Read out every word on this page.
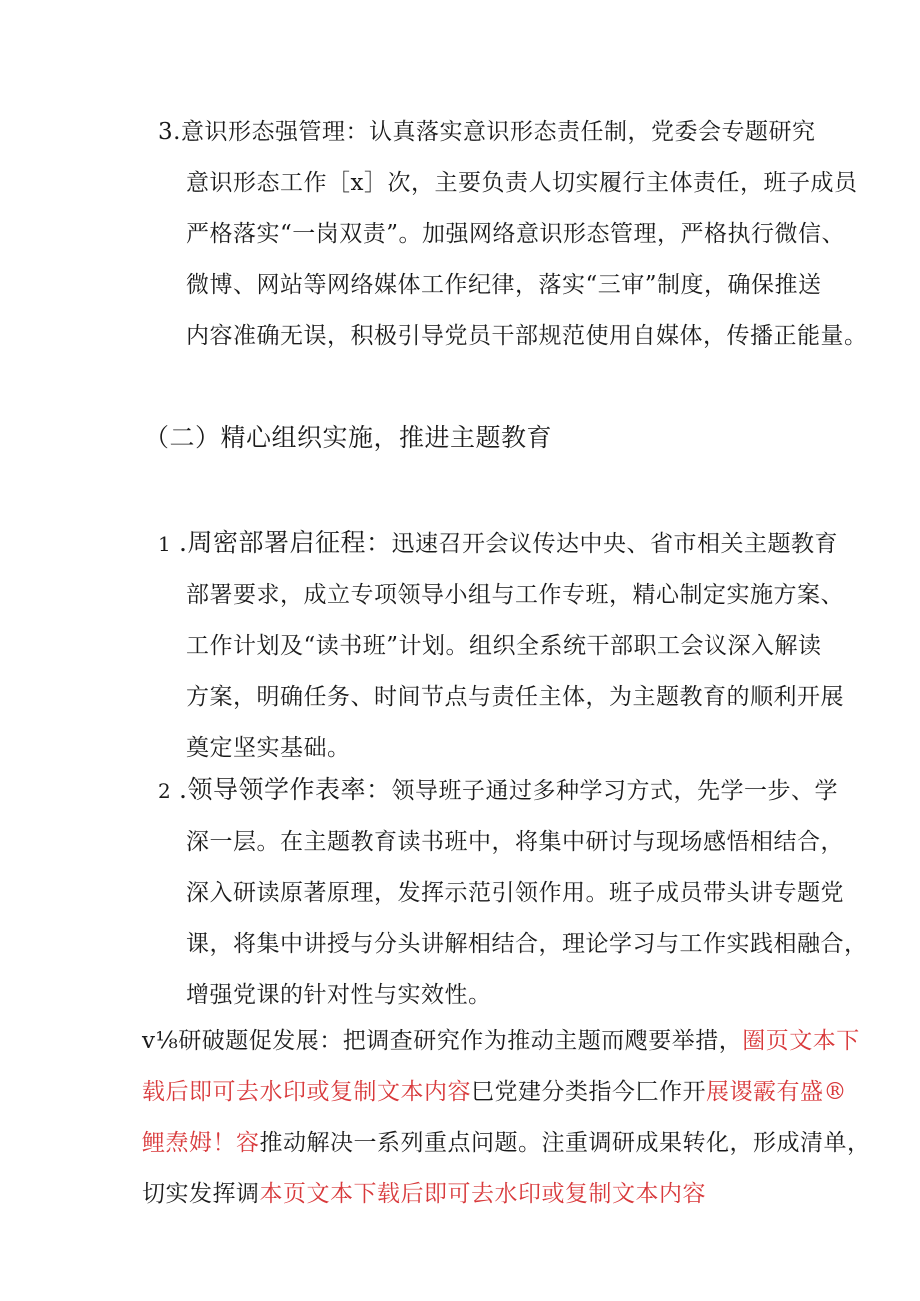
3.意识形态强管理：认真落实意识形态责任制，党委会专题研究
意识形态工作［x］次，主要负责人切实履行主体责任，班子成员
严格落实“一岗双责”。加强网络意识形态管理，严格执行微信、
微博、网站等网络媒体工作纪律，落实“三审”制度，确保推送
内容准确无误，积极引导党员干部规范使用自媒体，传播正能量。
（二）精心组织实施，推进主题教育
1 .周密部署启征程：迅速召开会议传达中央、省市相关主题教育
部署要求，成立专项领导小组与工作专班，精心制定实施方案、
工作计划及“读书班”计划。组织全系统干部职工会议深入解读
方案，明确任务、时间节点与责任主体，为主题教育的顺利开展
奠定坚实基础。
2 .领导领学作表率：领导班子通过多种学习方式，先学一步、学
深一层。在主题教育读书班中，将集中研讨与现场感悟相结合，
深入研读原著原理，发挥示范引领作用。班子成员带头讲专题党
课，将集中讲授与分头讲解相结合，理论学习与工作实践相融合，
增强党课的针对性与实效性。
v⅛研破题促发展：把调查研究作为推动主题而飕要举措，圈页文本下
载后即可去水印或复制文本内容巳党建分类指今匚作开展谡霰有盛®
鲤焘姆！容推动解决一系列重点问题。注重调研成果转化，形成清单，
切实发挥调本页文本下载后即可去水印或复制文本内容
